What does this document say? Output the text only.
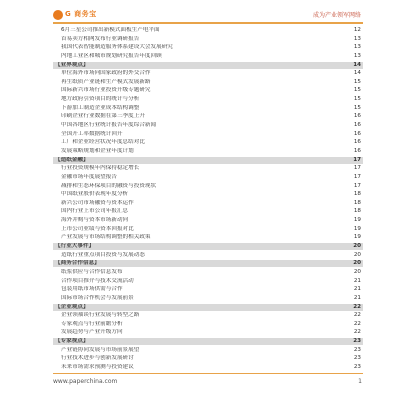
G 商务宝	成为产业领军网络
6月三星公司推出新模式面板生产电平面	12
首易卖方相网发布行业调研报告	13
我国代表智能制造服务体系建设大会发展研究	13
内地工业区和城市规划研究报告年度回顾	13
【业界观点】	14
单位海外市场向国家政府的外交合作	14
再生纸质产业链和生产模式发展新路	15
国际新兴市场行业投资升级专题研究	15
地方政府引资项目的统计与分析	15
下游加工制造企业成本结构调整	15
印刷企业行业数据在第三季度上升	16
中国各地区行业统计报告年度综合新闻	16
全国开工率数据统计回升	16
工厂和企业经营状况年度总结对比	16
发展策略规划和企业年度计划	16
【造纸金融】	17
行业投资规模年内保持稳定增长	17
金融市场年度展望报告	17
减排和生态环保项目的融资与投资现状	17
中国纸业股价表现年度分析	18
新兴公司市场融资与资本运作	18
国内行业上市公司年报汇总	18
海外并购与资本市场新动向	19
上市公司业绩与资本回报对比	19
产业发展与市场结构调整的相关政策	19
【行业大事件】	20
造纸行业重点项目投资与发展动态	20
【商务合作信息】	20
纸浆供应与合作信息发布	20
合作项目推介与技术交流活动	21
包装用纸市场供需与合作	21
国际市场合作机会与发展前景	21
【企业观点】	22
企业领袖谈行业发展与转型之路	22
专家观点与行业前瞻分析	22
发展趋势与产业升级方向	22
【专家视点】	23
产业链协同发展与市场前景展望	23
行业技术进步与创新发展研讨	23
未来市场需求预测与投资建议	23
www.paperchina.com	1
